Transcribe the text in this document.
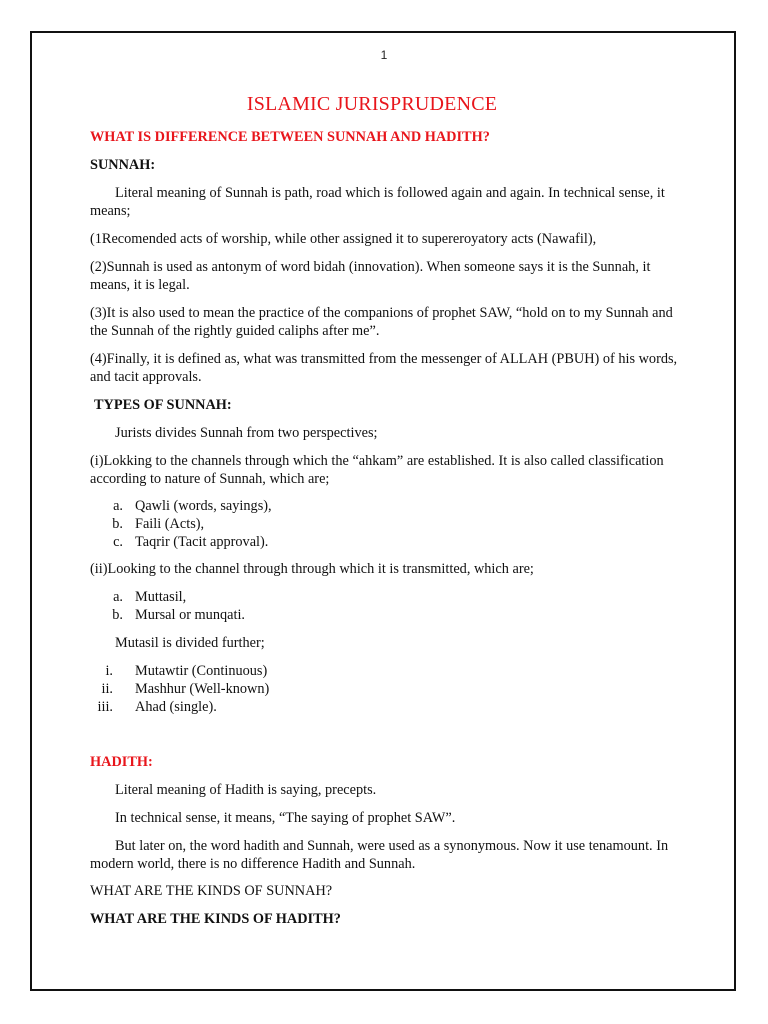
1
ISLAMIC JURISPRUDENCE

WHAT IS DIFFERENCE BETWEEN SUNNAH AND HADITH?

SUNNAH:

Literal meaning of Sunnah is path, road which is followed again and again. In technical sense, it means;

(1Recomended acts of worship, while other assigned it to supereroyatory acts (Nawafil),

(2)Sunnah is used as antonym of word bidah (innovation). When someone says it is the Sunnah, it means, it is legal.

(3)It is also used to mean the practice of the companions of prophet SAW, “hold on to my Sunnah and the Sunnah of the rightly guided caliphs after me”.

(4)Finally, it is defined as, what was transmitted from the messenger of ALLAH (PBUH) of his words, and tacit approvals.

TYPES OF SUNNAH:

Jurists divides Sunnah from two perspectives;

(i)Lokking to the channels through which the “ahkam” are established. It is also called classification according to nature of Sunnah, which are;

a. Qawli (words, sayings),
b. Faili (Acts),
c. Taqrir (Tacit approval).

(ii)Looking to the channel through through which it is transmitted, which are;

a. Muttasil,
b. Mursal or munqati.

Mutasil is divided further;

i. Mutawtir (Continuous)
ii. Mashhur (Well-known)
iii. Ahad (single).

HADITH:

Literal meaning of Hadith is saying, precepts.

In technical sense, it means, “The saying of prophet SAW”.

But later on, the word hadith and Sunnah, were used as a synonymous. Now it use tenamount. In modern world, there is no difference Hadith and Sunnah.

WHAT ARE THE KINDS OF SUNNAH?

WHAT ARE THE KINDS OF HADITH?
